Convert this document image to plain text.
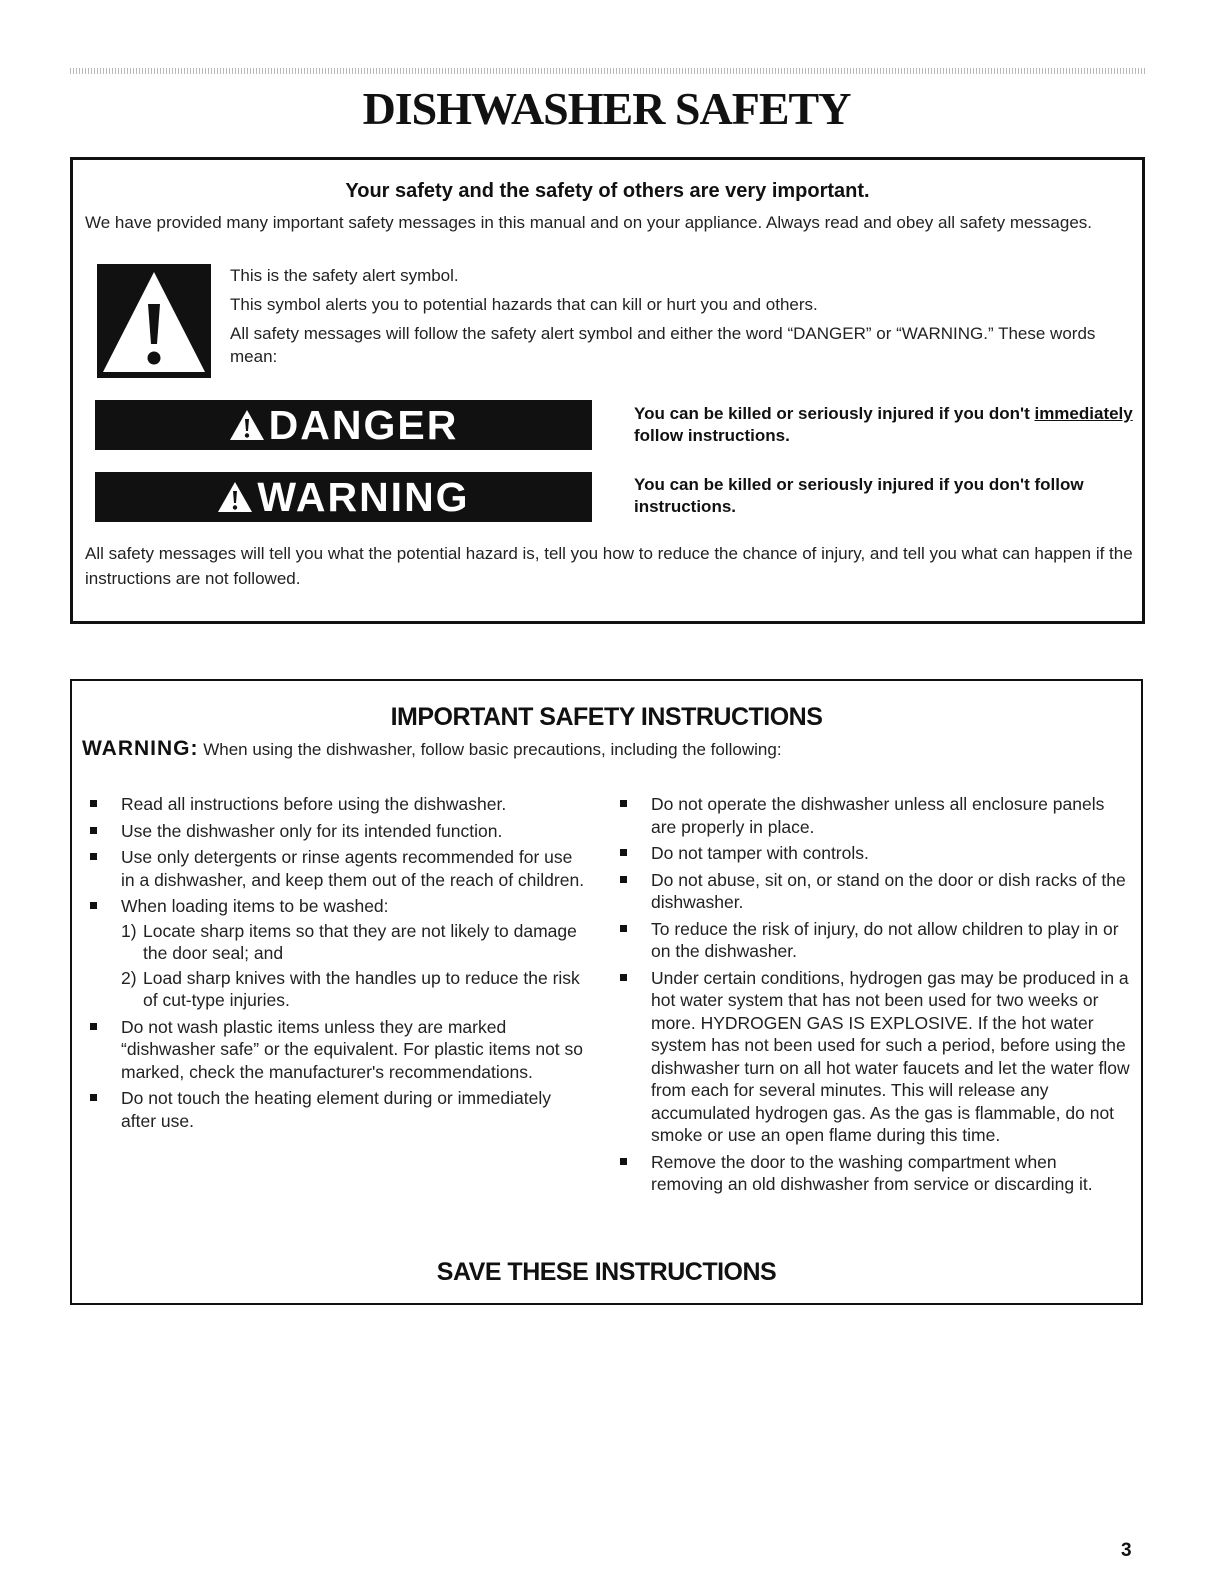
DISHWASHER SAFETY
Your safety and the safety of others are very important.
We have provided many important safety messages in this manual and on your appliance. Always read and obey all safety messages.
This is the safety alert symbol.
This symbol alerts you to potential hazards that can kill or hurt you and others.
All safety messages will follow the safety alert symbol and either the word “DANGER” or “WARNING.” These words mean:
DANGER	You can be killed or seriously injured if you don't immediately follow instructions.
WARNING	You can be killed or seriously injured if you don't follow instructions.
All safety messages will tell you what the potential hazard is, tell you how to reduce the chance of injury, and tell you what can happen if the instructions are not followed.
IMPORTANT SAFETY INSTRUCTIONS
WARNING: When using the dishwasher, follow basic precautions, including the following:
Read all instructions before using the dishwasher.
Use the dishwasher only for its intended function.
Use only detergents or rinse agents recommended for use in a dishwasher, and keep them out of the reach of children.
When loading items to be washed:
1) Locate sharp items so that they are not likely to damage the door seal; and
2) Load sharp knives with the handles up to reduce the risk of cut-type injuries.
Do not wash plastic items unless they are marked “dishwasher safe” or the equivalent. For plastic items not so marked, check the manufacturer's recommendations.
Do not touch the heating element during or immediately after use.
Do not operate the dishwasher unless all enclosure panels are properly in place.
Do not tamper with controls.
Do not abuse, sit on, or stand on the door or dish racks of the dishwasher.
To reduce the risk of injury, do not allow children to play in or on the dishwasher.
Under certain conditions, hydrogen gas may be produced in a hot water system that has not been used for two weeks or more. HYDROGEN GAS IS EXPLOSIVE. If the hot water system has not been used for such a period, before using the dishwasher turn on all hot water faucets and let the water flow from each for several minutes. This will release any accumulated hydrogen gas. As the gas is flammable, do not smoke or use an open flame during this time.
Remove the door to the washing compartment when removing an old dishwasher from service or discarding it.
SAVE THESE INSTRUCTIONS
3
